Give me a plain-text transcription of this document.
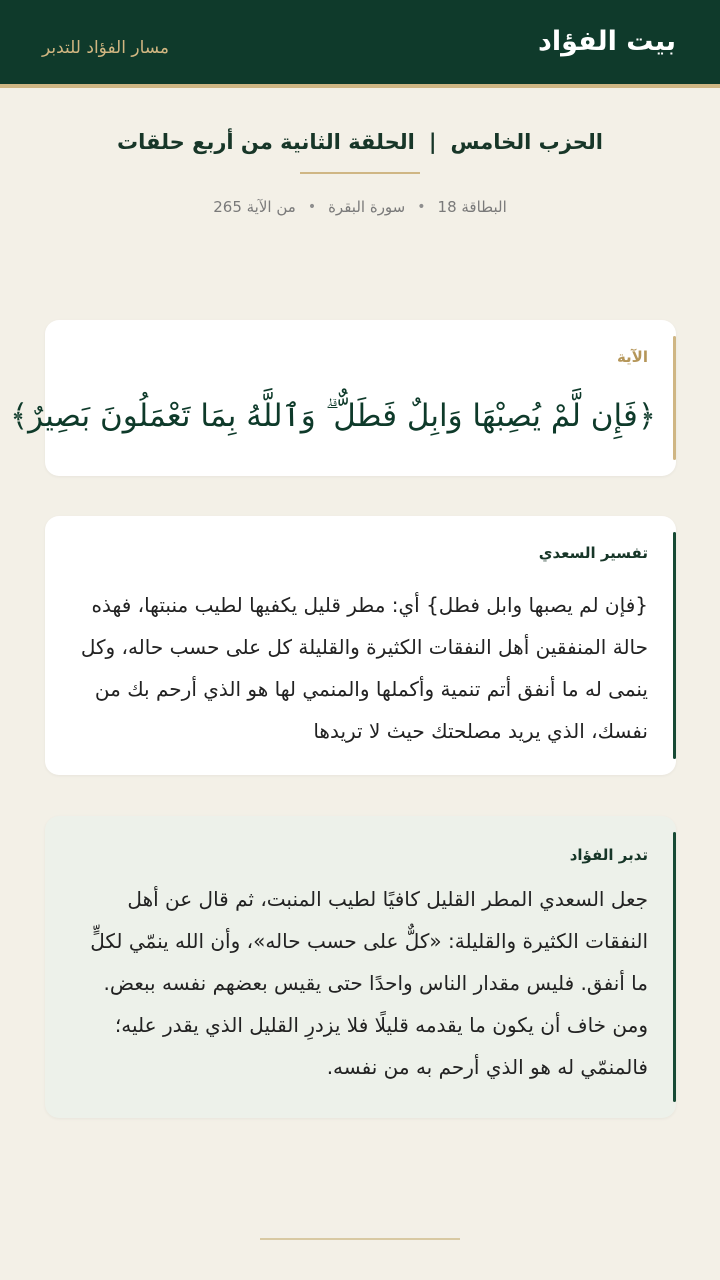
بيت الفؤاد
مسار الفؤاد للتدبر
الحزب الخامس
|
الحلقة الثانية من أربع حلقات
البطاقة 18
•
سورة البقرة
•
من الآية 265
الآية
﴿فَإِن لَّمْ يُصِبْهَا وَابِلٌ فَطَلٌّ ۗ وَٱللَّهُ بِمَا تَعْمَلُونَ بَصِيرٌ﴾
تفسير السعدي
{فإن لم يصبها وابل فطل} أي: مطر قليل يكفيها لطيب منبتها، فهذه حالة المنفقين أهل النفقات الكثيرة والقليلة كل على حسب حاله، وكل ينمى له ما أنفق أتم تنمية وأكملها والمنمي لها هو الذي أرحم بك من نفسك، الذي يريد مصلحتك حيث لا تريدها
تدبر الفؤاد
جعل السعدي المطر القليل كافيًا لطيب المنبت، ثم قال عن أهل النفقات الكثيرة والقليلة: «كلٌّ على حسب حاله»، وأن الله ينمّي لكلٍّ ما أنفق. فليس مقدار الناس واحدًا حتى يقيس بعضهم نفسه ببعض. ومن خاف أن يكون ما يقدمه قليلًا فلا يزدرِ القليل الذي يقدر عليه؛ فالمنمّي له هو الذي أرحم به من نفسه.
